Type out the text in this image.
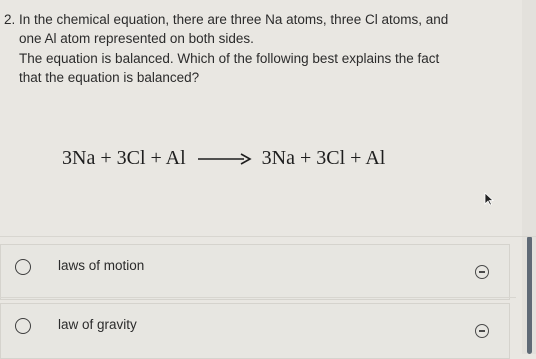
2. In the chemical equation, there are three Na atoms, three Cl atoms, and

one Al atom represented on both sides.

The equation is balanced. Which of the following best explains the fact

that the equation is balanced?

3Na + 3Cl + Al → 3Na + 3Cl + Al
laws of motion
law of gravity
